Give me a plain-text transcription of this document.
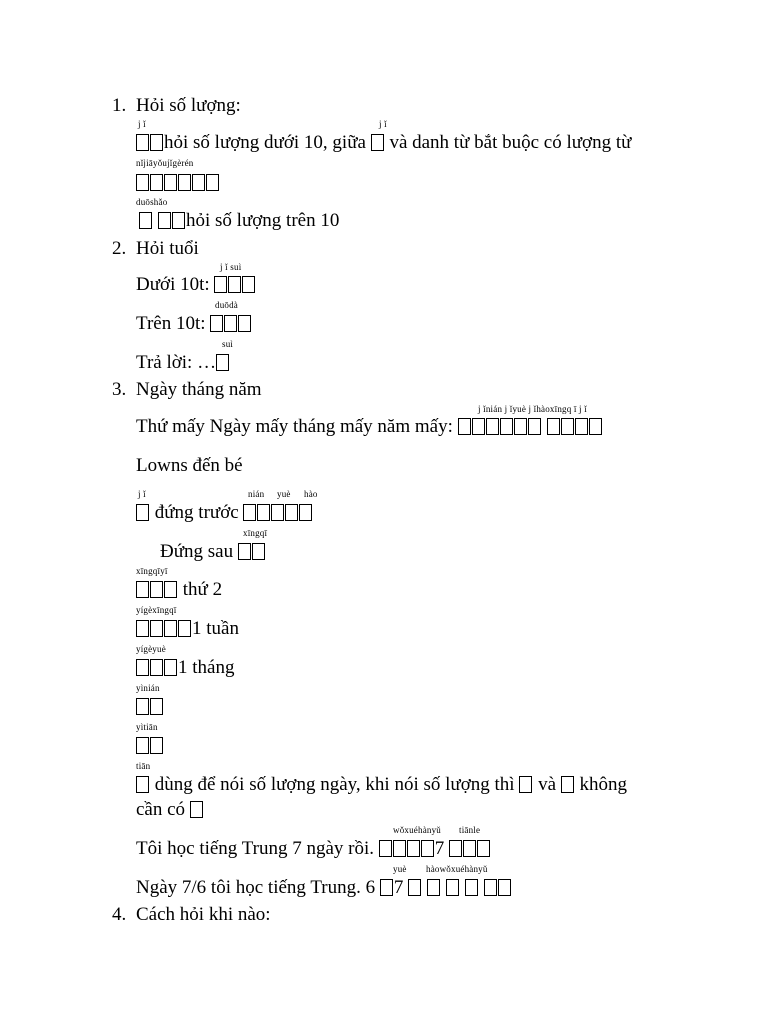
1. Hỏi số lượng:
j ǐ	j ǐ
hỏi số lượng dưới 10, giữa và danh từ bắt buộc có lượng từ
nǐjiāyǒujǐgèrén
duōshǎo
hỏi số lượng trên 10
2. Hỏi tuổi
j ǐ suì
Dưới 10t:
duōdà
Trên 10t:
suì
Trả lời: …
3. Ngày tháng năm
j ǐnián j ǐyuè j ǐhàoxīngq ī j ǐ
Thứ mấy Ngày mấy tháng mấy năm mấy:
Lowns đến bé
j ǐ	nián yuè hào
đứng trước
xīngqī
Đứng sau
xīngqīyī
thứ 2
yígèxīngqī
1 tuần
yígèyuè
1 tháng
yìnián
yìtiān
tiān
dùng để nói số lượng ngày, khi nói số lượng thì và không
cần có
wǒxuéhànyǔ tiānle
Tôi học tiếng Trung 7 ngày rồi.	7
yuè hàowǒxuéhànyǔ
Ngày 7/6 tôi học tiếng Trung. 6 7
4. Cách hỏi khi nào:
